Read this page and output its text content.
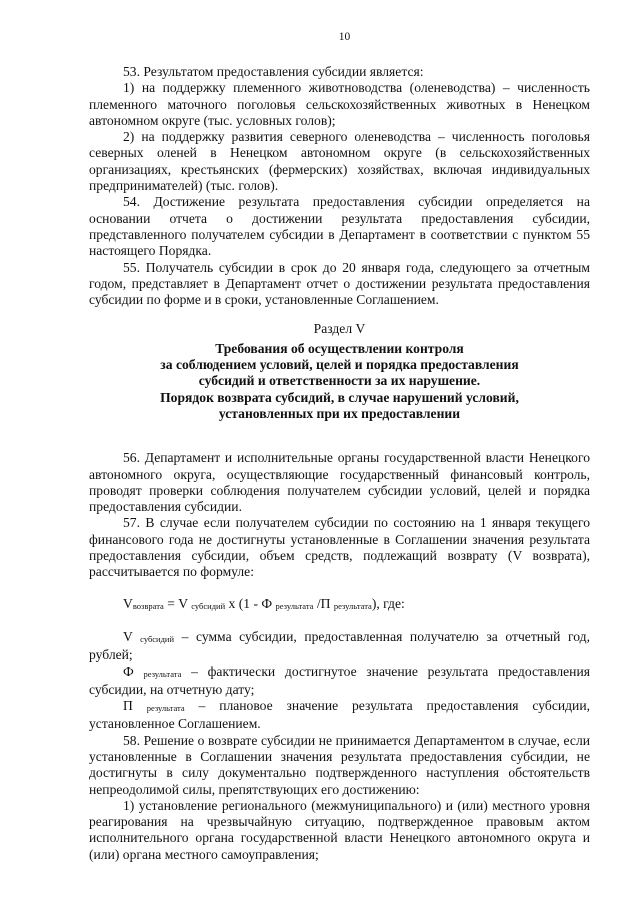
10

53. Результатом предоставления субсидии является:

1) на поддержку племенного животноводства (оленеводства) – численность племенного маточного поголовья сельскохозяйственных животных в Ненецком автономном округе (тыс. условных голов);

2) на поддержку развития северного оленеводства – численность поголовья северных оленей в Ненецком автономном округе (в сельскохозяйственных организациях, крестьянских (фермерских) хозяйствах, включая индивидуальных предпринимателей) (тыс. голов).

54. Достижение результата предоставления субсидии определяется на основании отчета о достижении результата предоставления субсидии, представленного получателем субсидии в Департамент в соответствии с пунктом 55 настоящего Порядка.

55. Получатель субсидии в срок до 20 января года, следующего за отчетным годом, представляет в Департамент отчет о достижении результата предоставления субсидии по форме и в сроки, установленные Соглашением.

Раздел V

Требования об осуществлении контроля
за соблюдением условий, целей и порядка предоставления
субсидий и ответственности за их нарушение.
Порядок возврата субсидий, в случае нарушений условий,
установленных при их предоставлении

56. Департамент и исполнительные органы государственной власти Ненецкого автономного округа, осуществляющие государственный финансовый контроль, проводят проверки соблюдения получателем субсидии условий, целей и порядка предоставления субсидии.

57. В случае если получателем субсидии по состоянию на 1 января текущего финансового года не достигнуты установленные в Соглашении значения результата предоставления субсидии, объем средств, подлежащий возврату (V возврата), рассчитывается по формуле:

Vвозврата = V субсидий x (1 - Ф результата /П результата), где:

V субсидий – сумма субсидии, предоставленная получателю за отчетный год, рублей;

Ф результата – фактически достигнутое значение результата предоставления субсидии, на отчетную дату;

П результата – плановое значение результата предоставления субсидии, установленное Соглашением.

58. Решение о возврате субсидии не принимается Департаментом в случае, если установленные в Соглашении значения результата предоставления субсидии, не достигнуты в силу документально подтвержденного наступления обстоятельств непреодолимой силы, препятствующих его достижению:

1) установление регионального (межмуниципального) и (или) местного уровня реагирования на чрезвычайную ситуацию, подтвержденное правовым актом исполнительного органа государственной власти Ненецкого автономного округа и (или) органа местного самоуправления;
